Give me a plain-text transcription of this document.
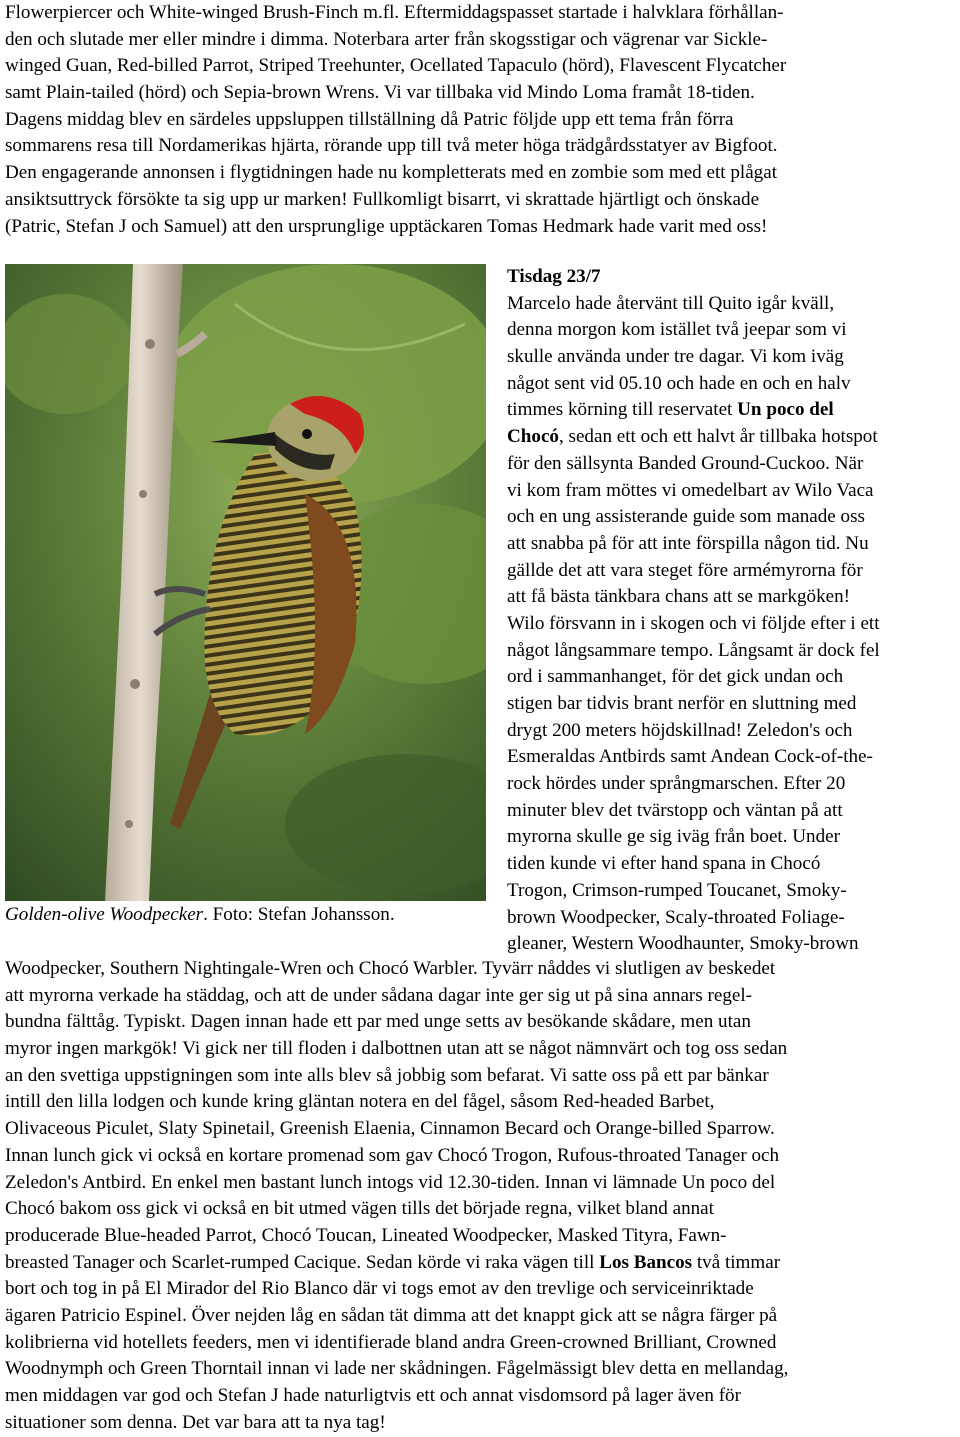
Flowerpiercer och White-winged Brush-Finch m.fl. Eftermiddagspasset startade i halvklara förhållan-
den och slutade mer eller mindre i dimma. Noterbara arter från skogsstigar och vägrenar var Sickle-
winged Guan, Red-billed Parrot, Striped Treehunter, Ocellated Tapaculo (hörd), Flavescent Flycatcher
samt Plain-tailed (hörd) och Sepia-brown Wrens. Vi var tillbaka vid Mindo Loma framåt 18-tiden.
Dagens middag blev en särdeles uppsluppen tillställning då Patric följde upp ett tema från förra
sommarens resa till Nordamerikas hjärta, rörande upp till två meter höga trädgårdsstatyer av Bigfoot.
Den engagerande annonsen i flygtidningen hade nu kompletterats med en zombie som med ett plågat
ansiktsuttryck försökte ta sig upp ur marken! Fullkomligt bisarrt, vi skrattade hjärtligt och önskade
(Patric, Stefan J och Samuel) att den ursprunglige upptäckaren Tomas Hedmark hade varit med oss!
Golden-olive Woodpecker. Foto: Stefan Johansson.
Tisdag 23/7
Marcelo hade återvänt till Quito igår kväll,
denna morgon kom istället två jeepar som vi
skulle använda under tre dagar. Vi kom iväg
något sent vid 05.10 och hade en och en halv
timmes körning till reservatet Un poco del
Chocó, sedan ett och ett halvt år tillbaka hotspot
för den sällsynta Banded Ground-Cuckoo. När
vi kom fram möttes vi omedelbart av Wilo Vaca
och en ung assisterande guide som manade oss
att snabba på för att inte förspilla någon tid. Nu
gällde det att vara steget före armémyrorna för
att få bästa tänkbara chans att se markgöken!
Wilo försvann in i skogen och vi följde efter i ett
något långsammare tempo. Långsamt är dock fel
ord i sammanhanget, för det gick undan och
stigen bar tidvis brant nerför en sluttning med
drygt 200 meters höjdskillnad! Zeledon's och
Esmeraldas Antbirds samt Andean Cock-of-the-
rock hördes under språngmarschen. Efter 20
minuter blev det tvärstopp och väntan på att
myrorna skulle ge sig iväg från boet. Under
tiden kunde vi efter hand spana in Chocó
Trogon, Crimson-rumped Toucanet, Smoky-
brown Woodpecker, Scaly-throated Foliage-
gleaner, Western Woodhaunter, Smoky-brown
Woodpecker, Southern Nightingale-Wren och Chocó Warbler. Tyvärr nåddes vi slutligen av beskedet
att myrorna verkade ha städdag, och att de under sådana dagar inte ger sig ut på sina annars regel-
bundna fälttåg. Typiskt. Dagen innan hade ett par med unge setts av besökande skådare, men utan
myror ingen markgök! Vi gick ner till floden i dalbottnen utan att se något nämnvärt och tog oss sedan
an den svettiga uppstigningen som inte alls blev så jobbig som befarat. Vi satte oss på ett par bänkar
intill den lilla lodgen och kunde kring gläntan notera en del fågel, såsom Red-headed Barbet,
Olivaceous Piculet, Slaty Spinetail, Greenish Elaenia, Cinnamon Becard och Orange-billed Sparrow.
Innan lunch gick vi också en kortare promenad som gav Chocó Trogon, Rufous-throated Tanager och
Zeledon's Antbird. En enkel men bastant lunch intogs vid 12.30-tiden. Innan vi lämnade Un poco del
Chocó bakom oss gick vi också en bit utmed vägen tills det började regna, vilket bland annat
producerade Blue-headed Parrot, Chocó Toucan, Lineated Woodpecker, Masked Tityra, Fawn-
breasted Tanager och Scarlet-rumped Cacique. Sedan körde vi raka vägen till Los Bancos två timmar
bort och tog in på El Mirador del Rio Blanco där vi togs emot av den trevlige och serviceinriktade
ägaren Patricio Espinel. Över nejden låg en sådan tät dimma att det knappt gick att se några färger på
kolibrierna vid hotellets feeders, men vi identifierade bland andra Green-crowned Brilliant, Crowned
Woodnymph och Green Thorntail innan vi lade ner skådningen. Fågelmässigt blev detta en mellandag,
men middagen var god och Stefan J hade naturligtvis ett och annat visdomsord på lager även för
situationer som denna. Det var bara att ta nya tag!
